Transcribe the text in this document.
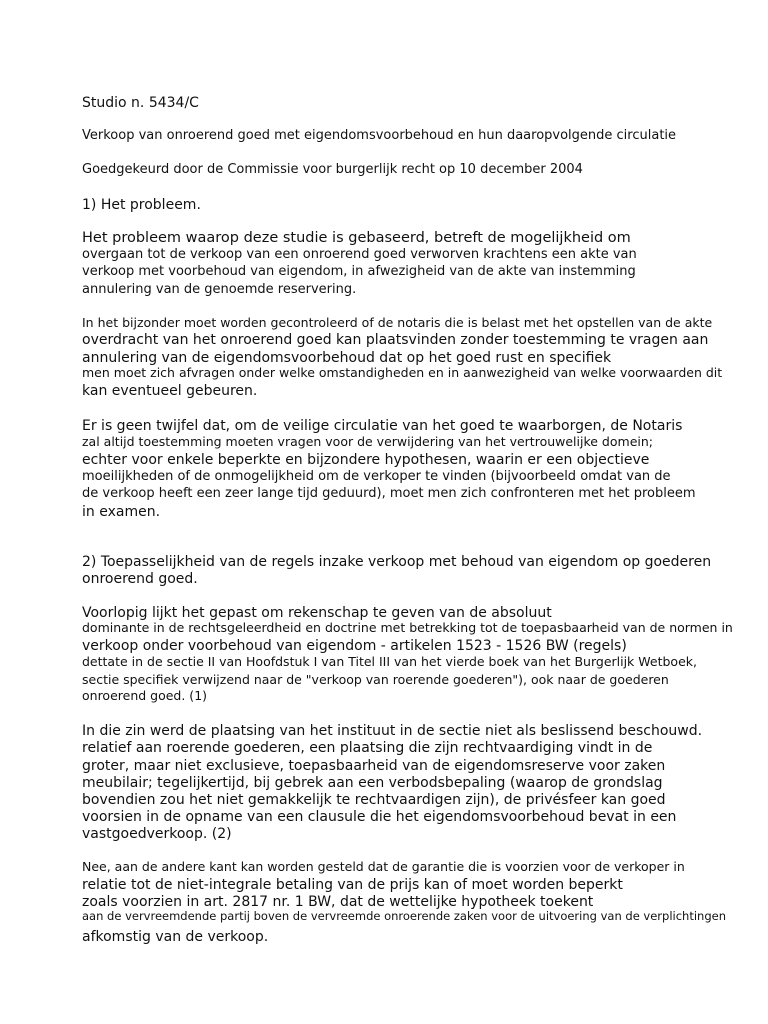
Studio n. 5434/C
Verkoop van onroerend goed met eigendomsvoorbehoud en hun daaropvolgende circulatie
Goedgekeurd door de Commissie voor burgerlijk recht op 10 december 2004
1) Het probleem.
Het probleem waarop deze studie is gebaseerd, betreft de mogelijkheid om
overgaan tot de verkoop van een onroerend goed verworven krachtens een akte van
verkoop met voorbehoud van eigendom, in afwezigheid van de akte van instemming
annulering van de genoemde reservering.
In het bijzonder moet worden gecontroleerd of de notaris die is belast met het opstellen van de akte
overdracht van het onroerend goed kan plaatsvinden zonder toestemming te vragen aan
annulering van de eigendomsvoorbehoud dat op het goed rust en specifiek
men moet zich afvragen onder welke omstandigheden en in aanwezigheid van welke voorwaarden dit
kan eventueel gebeuren.
Er is geen twijfel dat, om de veilige circulatie van het goed te waarborgen, de Notaris
zal altijd toestemming moeten vragen voor de verwijdering van het vertrouwelijke domein;
echter voor enkele beperkte en bijzondere hypothesen, waarin er een objectieve
moeilijkheden of de onmogelijkheid om de verkoper te vinden (bijvoorbeeld omdat van de
de verkoop heeft een zeer lange tijd geduurd), moet men zich confronteren met het probleem
in examen.
2) Toepasselijkheid van de regels inzake verkoop met behoud van eigendom op goederen
onroerend goed.
Voorlopig lijkt het gepast om rekenschap te geven van de absoluut
dominante in de rechtsgeleerdheid en doctrine met betrekking tot de toepasbaarheid van de normen in
verkoop onder voorbehoud van eigendom - artikelen 1523 - 1526 BW (regels)
dettate in de sectie II van Hoofdstuk I van Titel III van het vierde boek van het Burgerlijk Wetboek,
sectie specifiek verwijzend naar de "verkoop van roerende goederen"), ook naar de goederen
onroerend goed. (1)
In die zin werd de plaatsing van het instituut in de sectie niet als beslissend beschouwd.
relatief aan roerende goederen, een plaatsing die zijn rechtvaardiging vindt in de
groter, maar niet exclusieve, toepasbaarheid van de eigendomsreserve voor zaken
meubilair; tegelijkertijd, bij gebrek aan een verbodsbepaling (waarop de grondslag
bovendien zou het niet gemakkelijk te rechtvaardigen zijn), de privésfeer kan goed
voorsien in de opname van een clausule die het eigendomsvoorbehoud bevat in een
vastgoedverkoop. (2)
Nee, aan de andere kant kan worden gesteld dat de garantie die is voorzien voor de verkoper in
relatie tot de niet-integrale betaling van de prijs kan of moet worden beperkt
zoals voorzien in art. 2817 nr. 1 BW, dat de wettelijke hypotheek toekent
aan de vervreemdende partij boven de vervreemde onroerende zaken voor de uitvoering van de verplichtingen
afkomstig van de verkoop.
